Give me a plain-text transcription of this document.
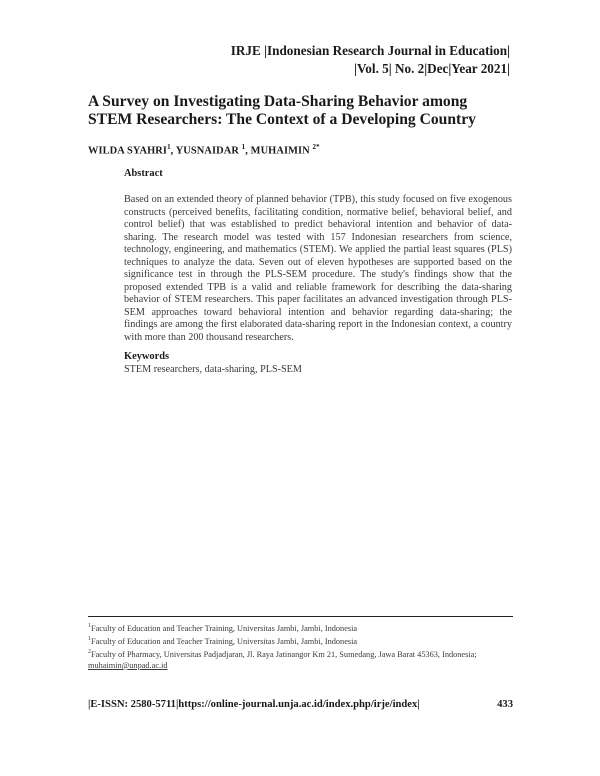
IRJE |Indonesian Research Journal in Education|
|Vol. 5| No. 2|Dec|Year 2021|
A Survey on Investigating Data-Sharing Behavior among
STEM Researchers: The Context of a Developing Country
WILDA SYAHRI$^1$, YUSNAIDAR $^1$, MUHAIMIN $^{2*}$
Abstract
Based on an extended theory of planned behavior (TPB), this study focused on five exogenous constructs (perceived benefits, facilitating condition, normative belief, behavioral belief, and control belief) that was established to predict behavioral intention and behavior of data-sharing. The research model was tested with 157 Indonesian researchers from science, technology, engineering, and mathematics (STEM). We applied the partial least squares (PLS) techniques to analyze the data. Seven out of eleven hypotheses are supported based on the significance test in through the PLS-SEM procedure. The study's findings show that the proposed extended TPB is a valid and reliable framework for describing the data-sharing behavior of STEM researchers. This paper facilitates an advanced investigation through PLS-SEM approaches toward behavioral intention and behavior regarding data-sharing; the findings are among the first elaborated data-sharing report in the Indonesian context, a country with more than 200 thousand researchers.
Keywords
STEM researchers, data-sharing, PLS-SEM
$^1$Faculty of Education and Teacher Training, Universitas Jambi, Jambi, Indonesia
$^1$Faculty of Education and Teacher Training, Universitas Jambi, Jambi, Indonesia
$^2$Faculty of Pharmacy, Universitas Padjadjaran, Jl. Raya Jatinangor Km 21, Sumedang, Jawa Barat 45363, Indonesia; muhaimin@unpad.ac.id
|E-ISSN: 2580-5711|https://online-journal.unja.ac.id/index.php/irje/index|	433
